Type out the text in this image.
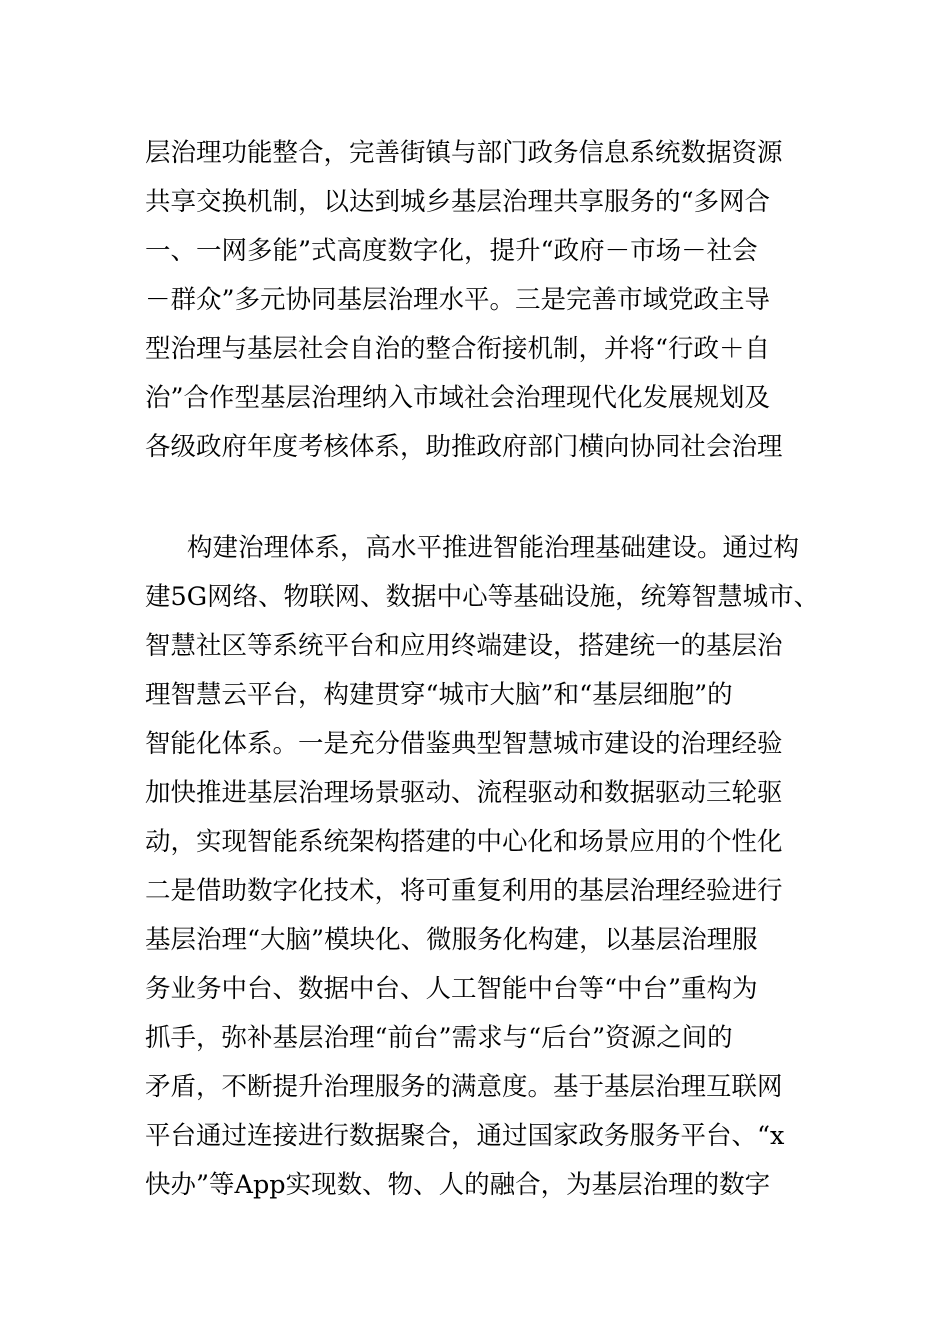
层治理功能整合，完善街镇与部门政务信息系统数据资源
共享交换机制，以达到城乡基层治理共享服务的“多网合
一、一网多能”式高度数字化，提升“政府－市场－社会
－群众”多元协同基层治理水平。三是完善市域党政主导
型治理与基层社会自治的整合衔接机制，并将“行政＋自
治”合作型基层治理纳入市域社会治理现代化发展规划及
各级政府年度考核体系，助推政府部门横向协同社会治理
构建治理体系，高水平推进智能治理基础建设。通过构
建5G网络、物联网、数据中心等基础设施，统筹智慧城市、
智慧社区等系统平台和应用终端建设，搭建统一的基层治
理智慧云平台，构建贯穿“城市大脑”和“基层细胞”的
智能化体系。一是充分借鉴典型智慧城市建设的治理经验
加快推进基层治理场景驱动、流程驱动和数据驱动三轮驱
动，实现智能系统架构搭建的中心化和场景应用的个性化
二是借助数字化技术，将可重复利用的基层治理经验进行
基层治理“大脑”模块化、微服务化构建，以基层治理服
务业务中台、数据中台、人工智能中台等“中台”重构为
抓手，弥补基层治理“前台”需求与“后台”资源之间的
矛盾，不断提升治理服务的满意度。基于基层治理互联网
平台通过连接进行数据聚合，通过国家政务服务平台、“x
快办”等App实现数、物、人的融合，为基层治理的数字
